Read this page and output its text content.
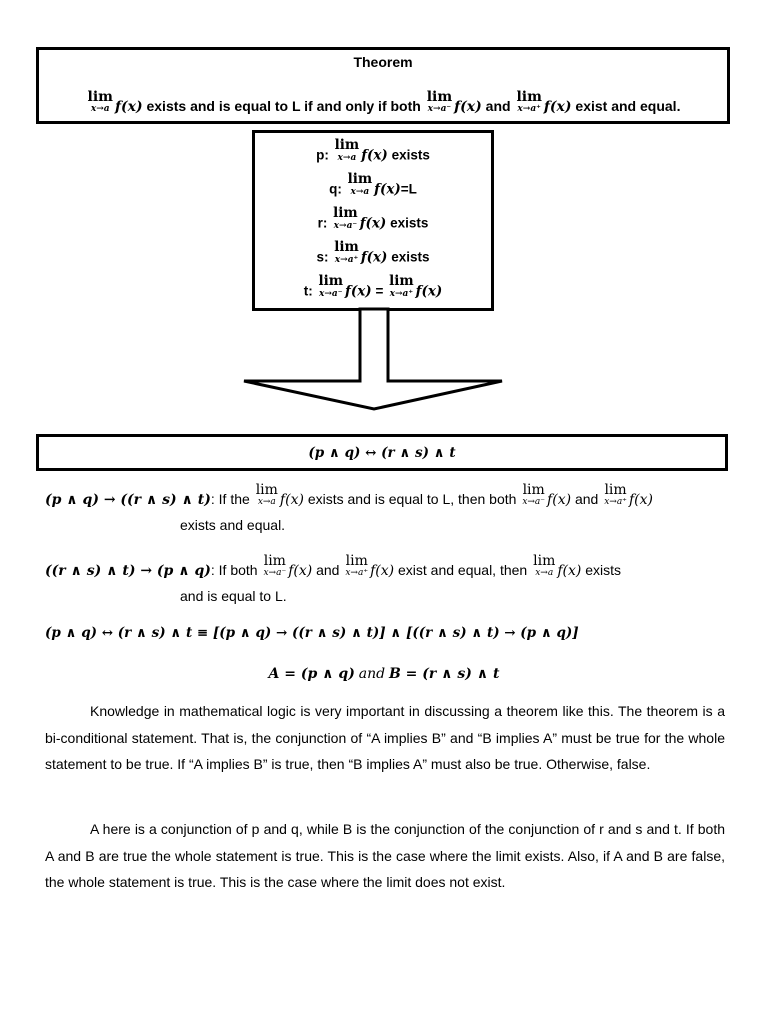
Theorem
lim
x→a f(x) exists and is equal to L if and only if both
lim
x→a⁻ f(x) and
lim
x→a⁺ f(x) exist and equal.
p:
lim
x→a f(x) exists
q:
lim
x→a f(x)=L
r:
lim
x→a⁻ f(x) exists
s:
lim
x→a⁺ f(x) exists
t:
lim
x→a⁻ f(x) =
lim
x→a⁺ f(x)
(p ∧ q) ↔ (r ∧ s) ∧ t
(p ∧ q) → ((r ∧ s) ∧ t): If the
lim
x→a f(x) exists and is equal to L, then both
lim
x→a⁻ f(x) and
lim
x→a⁺ f(x)
exists and equal.
((r ∧ s) ∧ t) → (p ∧ q): If both
lim
x→a⁻ f(x) and
lim
x→a⁺ f(x) exist and equal, then
lim
x→a f(x) exists
and is equal to L.
(p ∧ q) ↔ (r ∧ s) ∧ t ≡ [(p ∧ q) → ((r ∧ s) ∧ t)] ∧ [((r ∧ s) ∧ t) → (p ∧ q)]
A = (p ∧ q) and B = (r ∧ s) ∧ t
Knowledge in mathematical logic is very important in discussing a theorem like this. The theorem is a bi-conditional statement. That is, the conjunction of “A implies B” and “B implies A” must be true for the whole statement to be true. If “A implies B” is true, then “B implies A” must also be true. Otherwise, false.
A here is a conjunction of p and q, while B is the conjunction of the conjunction of r and s and t. If both A and B are true the whole statement is true. This is the case where the limit exists. Also, if A and B are false, the whole statement is true. This is the case where the limit does not exist.
